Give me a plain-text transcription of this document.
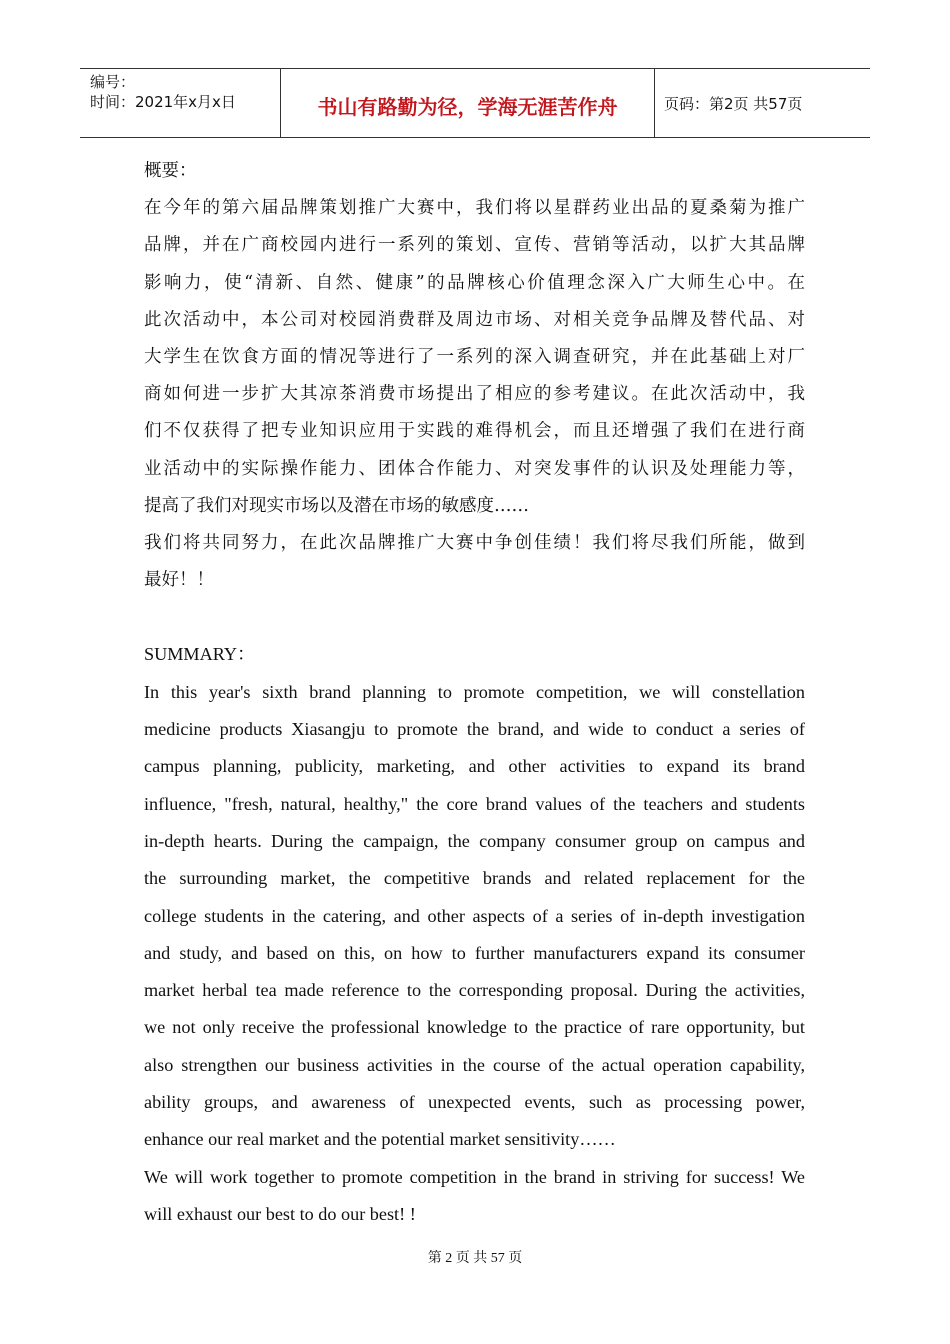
编号：
时间：2021年x月x日	书山有路勤为径，学海无涯苦作舟	页码：第2页 共57页

概要：

在今年的第六届品牌策划推广大赛中，我们将以星群药业出品的夏桑菊为推广

品牌，并在广商校园内进行一系列的策划、宣传、营销等活动，以扩大其品牌

影响力，使“清新、自然、健康”的品牌核心价值理念深入广大师生心中。在

此次活动中，本公司对校园消费群及周边市场、对相关竞争品牌及替代品、对

大学生在饮食方面的情况等进行了一系列的深入调查研究，并在此基础上对厂

商如何进一步扩大其凉茶消费市场提出了相应的参考建议。在此次活动中，我

们不仅获得了把专业知识应用于实践的难得机会，而且还增强了我们在进行商

业活动中的实际操作能力、团体合作能力、对突发事件的认识及处理能力等，

提高了我们对现实市场以及潜在市场的敏感度……

我们将共同努力，在此次品牌推广大赛中争创佳绩！我们将尽我们所能，做到

最好！！

SUMMARY：

In this year's sixth brand planning to promote competition, we will constellation

medicine products Xiasangju to promote the brand, and wide to conduct a series of

campus planning, publicity, marketing, and other activities to expand its brand

influence, "fresh, natural, healthy," the core brand values of the teachers and students

in-depth hearts. During the campaign, the company consumer group on campus and

the surrounding market, the competitive brands and related replacement for the

college students in the catering, and other aspects of a series of in-depth investigation

and study, and based on this, on how to further manufacturers expand its consumer

market herbal tea made reference to the corresponding proposal. During the activities,

we not only receive the professional knowledge to the practice of rare opportunity, but

also strengthen our business activities in the course of the actual operation capability,

ability groups, and awareness of unexpected events, such as processing power,

enhance our real market and the potential market sensitivity……

We will work together to promote competition in the brand in striving for success! We

will exhaust our best to do our best! !

第 2 页 共 57 页
